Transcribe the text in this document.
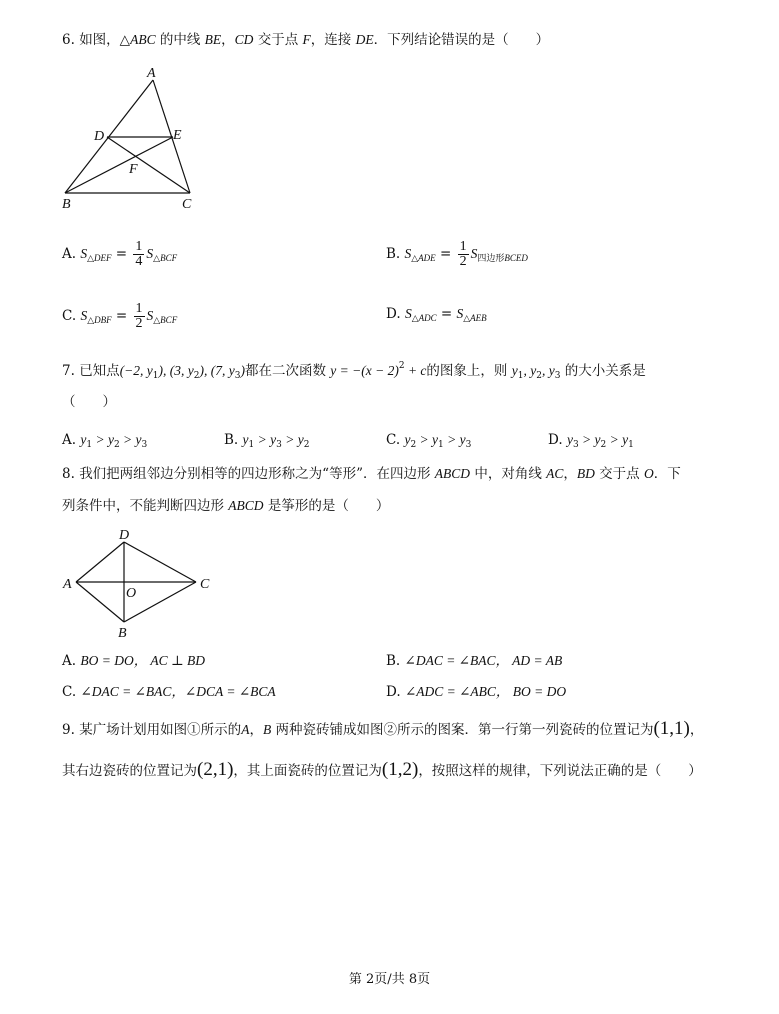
6. 如图，△ABC 的中线 BE，CD 交于点 F，连接 DE．下列结论错误的是（　　）
A
D	E
F
B	C
A. $S_{\triangle DEF} = \frac{1}{4} S_{\triangle BCF}$	B. $S_{\triangle ADE} = \frac{1}{2} S_{四边形BCED}$
C. $S_{\triangle DBF} = \frac{1}{2} S_{\triangle BCF}$	D. $S_{\triangle ADC} = S_{\triangle AEB}$
7. 已知点(−2, $y_1$), (3, $y_2$), (7, $y_3$)都在二次函数 $y = -(x - 2)^2 + c$的图象上，则 $y_1$, $y_2$, $y_3$ 的大小关系是
（　　）
A. $y_1 > y_2 > y_3$	B. $y_1 > y_3 > y_2$	C. $y_2 > y_1 > y_3$	D. $y_3 > y_2 > y_1$
8. 我们把两组邻边分别相等的四边形称之为“等形”．在四边形 ABCD 中，对角线 AC，BD 交于点 O．下
列条件中，不能判断四边形 ABCD 是筝形的是（　　）
D
A
O
C
B
A. BO = DO， AC ⊥ BD	B. ∠DAC = ∠BAC， AD = AB
C. ∠DAC = ∠BAC，∠DCA = ∠BCA	D. ∠ADC = ∠ABC， BO = DO
9. 某广场计划用如图①所示的A，B 两种瓷砖铺成如图②所示的图案．第一行第一列瓷砖的位置记为(1,1)，
其右边瓷砖的位置记为(2,1)，其上面瓷砖的位置记为(1,2)，按照这样的规律，下列说法正确的是（　　）
第 2页/共 8页
